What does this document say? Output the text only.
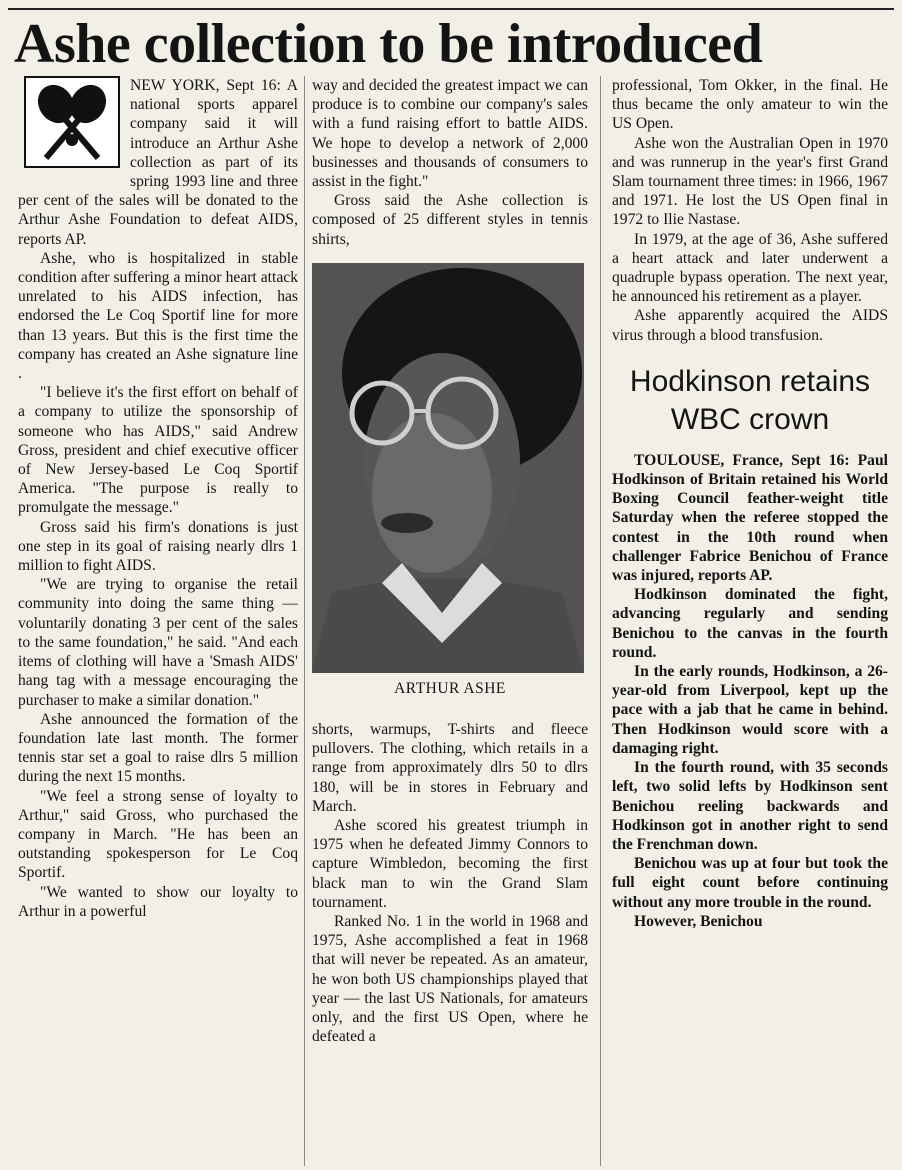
Ashe collection to be introduced

NEW YORK, Sept 16: A national sports apparel company said it will introduce an Arthur Ashe collection as part of its spring 1993 line and three per cent of the sales will be donated to the Arthur Ashe Foundation to defeat AIDS, reports AP.

Ashe, who is hospitalized in stable condition after suffering a minor heart attack unrelated to his AIDS infection, has endorsed the Le Coq Sportif line for more than 13 years. But this is the first time the company has created an Ashe signature line .

"I believe it's the first effort on behalf of a company to utilize the sponsorship of someone who has AIDS," said Andrew Gross, president and chief executive officer of New Jersey-based Le Coq Sportif America. "The purpose is really to promulgate the message."

Gross said his firm's donations is just one step in its goal of raising nearly dlrs 1 million to fight AIDS.

"We are trying to organise the retail community into doing the same thing — voluntarily donating 3 per cent of the sales to the same foundation," he said. "And each items of clothing will have a 'Smash AIDS' hang tag with a message encouraging the purchaser to make a similar donation."

Ashe announced the formation of the foundation late last month. The former tennis star set a goal to raise dlrs 5 million during the next 15 months.

"We feel a strong sense of loyalty to Arthur," said Gross, who purchased the company in March. "He has been an outstanding spokesperson for Le Coq Sportif.

"We wanted to show our loyalty to Arthur in a powerful

way and decided the greatest impact we can produce is to combine our company's sales with a fund raising effort to battle AIDS. We hope to develop a network of 2,000 businesses and thousands of consumers to assist in the fight."

Gross said the Ashe collection is composed of 25 different styles in tennis shirts,

ARTHUR ASHE

shorts, warmups, T-shirts and fleece pullovers. The clothing, which retails in a range from approximately dlrs 50 to dlrs 180, will be in stores in February and March.

Ashe scored his greatest triumph in 1975 when he defeated Jimmy Connors to capture Wimbledon, becoming the first black man to win the Grand Slam tournament.

Ranked No. 1 in the world in 1968 and 1975, Ashe accomplished a feat in 1968 that will never be repeated. As an amateur, he won both US championships played that year — the last US Nationals, for amateurs only, and the first US Open, where he defeated a

professional, Tom Okker, in the final. He thus became the only amateur to win the US Open.

Ashe won the Australian Open in 1970 and was runnerup in the year's first Grand Slam tournament three times: in 1966, 1967 and 1971. He lost the US Open final in 1972 to Ilie Nastase.

In 1979, at the age of 36, Ashe suffered a heart attack and later underwent a quadruple bypass operation. The next year, he announced his retirement as a player.

Ashe apparently acquired the AIDS virus through a blood transfusion.

Hodkinson retains WBC crown

TOULOUSE, France, Sept 16: Paul Hodkinson of Britain retained his World Boxing Council feather-weight title Saturday when the referee stopped the contest in the 10th round when challenger Fabrice Benichou of France was injured, reports AP.

Hodkinson dominated the fight, advancing regularly and sending Benichou to the canvas in the fourth round.

In the early rounds, Hodkinson, a 26-year-old from Liverpool, kept up the pace with a jab that he came in behind. Then Hodkinson would score with a damaging right.

In the fourth round, with 35 seconds left, two solid lefts by Hodkinson sent Benichou reeling backwards and Hodkinson got in another right to send the Frenchman down.

Benichou was up at four but took the full eight count before continuing without any more trouble in the round.

However, Benichou
